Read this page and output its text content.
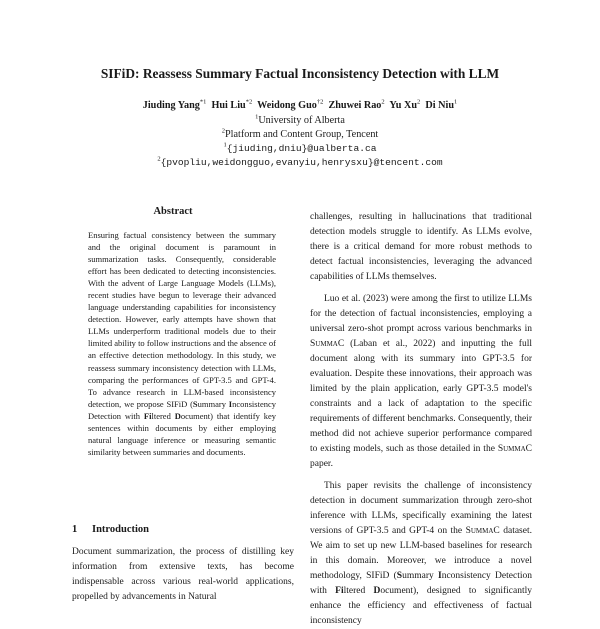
SIFiD: Reassess Summary Factual Inconsistency Detection with LLM
Jiuding Yang$^{*1}$ Hui Liu$^{*2}$ Weidong Guo$^{\dagger 2}$ Zhuwei Rao$^2$ Yu Xu$^2$ Di Niu$^1$
$^1$University of Alberta
$^2$Platform and Content Group, Tencent
$^1${jiuding,dniu}@ualberta.ca
$^2${pvopliu,weidongguo,evanyiu,henrysxu}@tencent.com
Abstract
Ensuring factual consistency between the summary and the original document is paramount in summarization tasks. Consequently, considerable effort has been dedicated to detecting inconsistencies. With the advent of Large Language Models (LLMs), recent studies have begun to leverage their advanced language understanding capabilities for inconsistency detection. However, early attempts have shown that LLMs underperform traditional models due to their limited ability to follow instructions and the absence of an effective detection methodology. In this study, we reassess summary inconsistency detection with LLMs, comparing the performances of GPT-3.5 and GPT-4. To advance research in LLM-based inconsistency detection, we propose SIFiD (Summary Inconsistency Detection with Filtered Document) that identify key sentences within documents by either employing natural language inference or measuring semantic similarity between summaries and documents.
1 Introduction
Document summarization, the process of distilling key information from extensive texts, has become indispensable across various real-world applications, propelled by advancements in Natural

challenges, resulting in hallucinations that traditional detection models struggle to identify. As LLMs evolve, there is a critical demand for more robust methods to detect factual inconsistencies, leveraging the advanced capabilities of LLMs themselves.

Luo et al. (2023) were among the first to utilize LLMs for the detection of factual inconsistencies, employing a universal zero-shot prompt across various benchmarks in SummaC (Laban et al., 2022) and inputting the full document along with its summary into GPT-3.5 for evaluation. Despite these innovations, their approach was limited by the plain application, early GPT-3.5 model's constraints and a lack of adaptation to the specific requirements of different benchmarks. Consequently, their method did not achieve superior performance compared to existing models, such as those detailed in the SummaC paper.

This paper revisits the challenge of inconsistency detection in document summarization through zero-shot inference with LLMs, specifically examining the latest versions of GPT-3.5 and GPT-4 on the SummaC dataset. We aim to set up new LLM-based baselines for research in this domain. Moreover, we introduce a novel methodology, SIFiD (Summary Inconsistency Detection with Filtered Document), designed to significantly enhance the efficiency and effectiveness of factual inconsistency
